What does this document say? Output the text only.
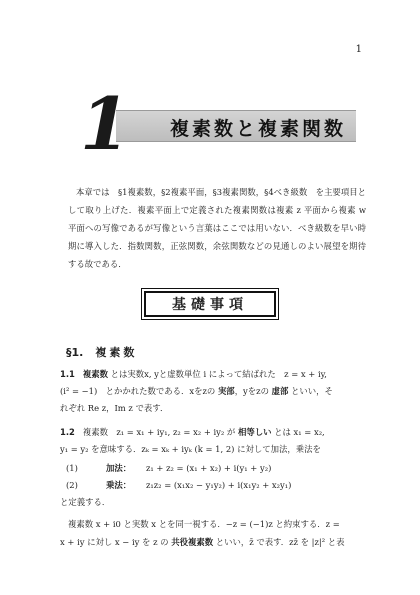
1
1 複素数と複素関数

本章では　§1複素数，§2複素平面，§3複素関数，§4べき級数　を主要項目として取り上げた．複素平面上で定義された複素関数は複素 z 平面から複素 w 平面への写像であるが写像という言葉はここでは用いない．べき級数を早い時期に導入した．指数関数，正弦関数，余弦関数などの見通しのよい展望を期待する故である．

基礎事項
§1. 複素数
1.1 複素数 とは実数x, yと虚数単位 i によって結ばれた　z = x + iy,
(i² = −1)　とかかれた数である．xをzの 実部，yをzの 虚部 といい，そ
れぞれ Re z，Im z で表す．
1.2 複素数　z₁ = x₁ + iy₁, z₂ = x₂ + iy₂ が 相等しい とは x₁ = x₂,
y₁ = y₂ を意味する．zₖ = xₖ + iyₖ (k = 1, 2) に対して加法，乗法を
(1)	加法： z₁ + z₂ = (x₁ + x₂) + i(y₁ + y₂)
(2)	乗法： z₁z₂ = (x₁x₂ − y₁y₂) + i(x₁y₂ + x₂y₁)
と定義する．
複素数 x + i0 と実数 x とを同一視する．−z = (−1)z と約束する．z =
x + iy に対し x − iy を z の 共役複素数 といい，z̄ で表す．zz̄ を |z|² と表
